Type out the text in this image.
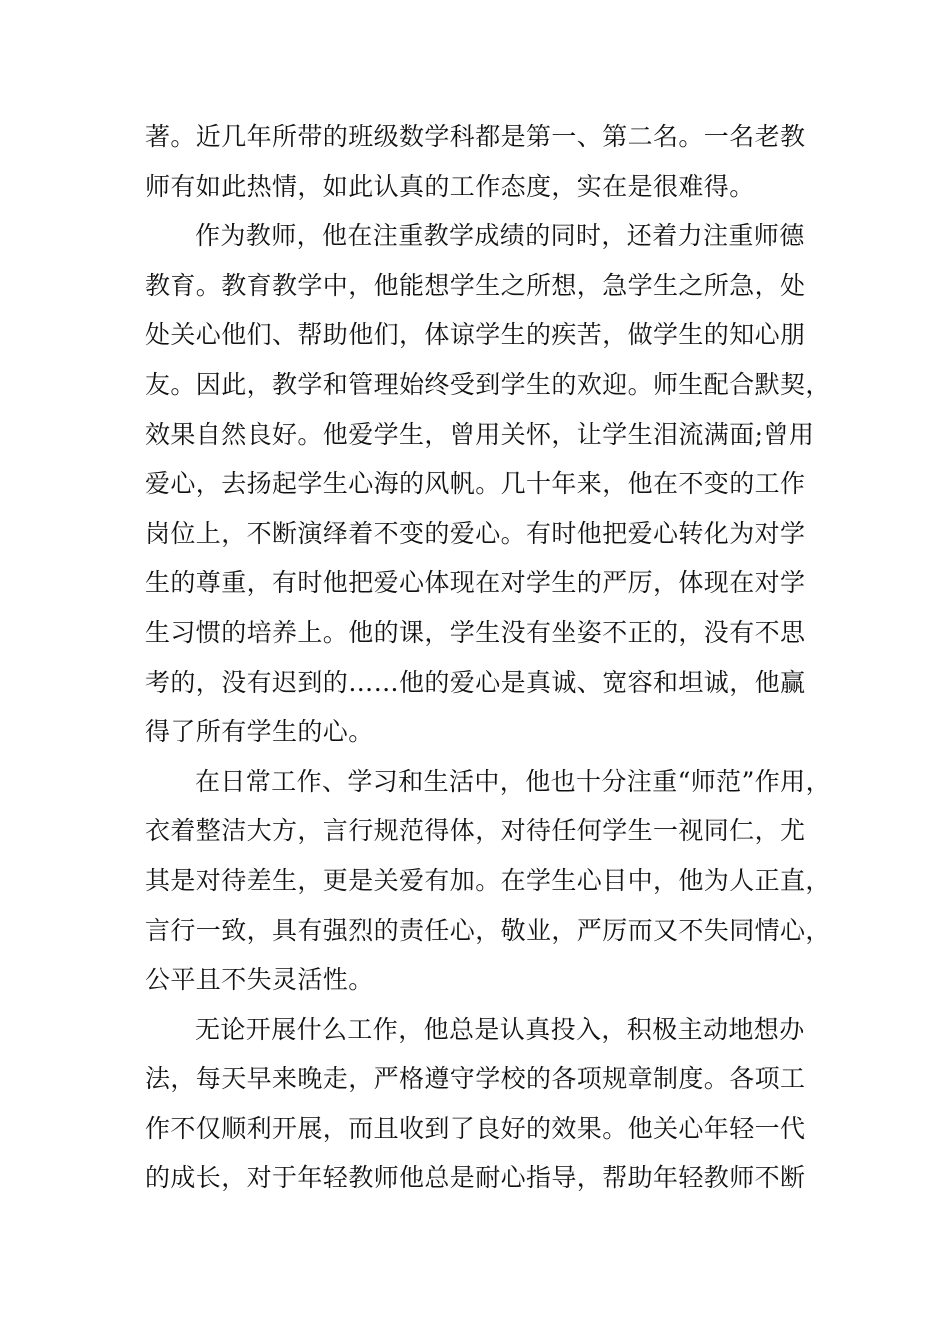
著。近几年所带的班级数学科都是第一、第二名。一名老教
师有如此热情，如此认真的工作态度，实在是很难得。
作为教师，他在注重教学成绩的同时，还着力注重师德
教育。教育教学中，他能想学生之所想，急学生之所急，处
处关心他们、帮助他们，体谅学生的疾苦，做学生的知心朋
友。因此，教学和管理始终受到学生的欢迎。师生配合默契，
效果自然良好。他爱学生，曾用关怀，让学生泪流满面;曾用
爱心，去扬起学生心海的风帆。几十年来，他在不变的工作
岗位上，不断演绎着不变的爱心。有时他把爱心转化为对学
生的尊重，有时他把爱心体现在对学生的严厉，体现在对学
生习惯的培养上。他的课，学生没有坐姿不正的，没有不思
考的，没有迟到的……他的爱心是真诚、宽容和坦诚，他赢
得了所有学生的心。
在日常工作、学习和生活中，他也十分注重“师范”作用，
衣着整洁大方，言行规范得体，对待任何学生一视同仁，尤
其是对待差生，更是关爱有加。在学生心目中，他为人正直，
言行一致，具有强烈的责任心，敬业，严厉而又不失同情心，
公平且不失灵活性。
无论开展什么工作，他总是认真投入，积极主动地想办
法，每天早来晚走，严格遵守学校的各项规章制度。各项工
作不仅顺利开展，而且收到了良好的效果。他关心年轻一代
的成长，对于年轻教师他总是耐心指导，帮助年轻教师不断
